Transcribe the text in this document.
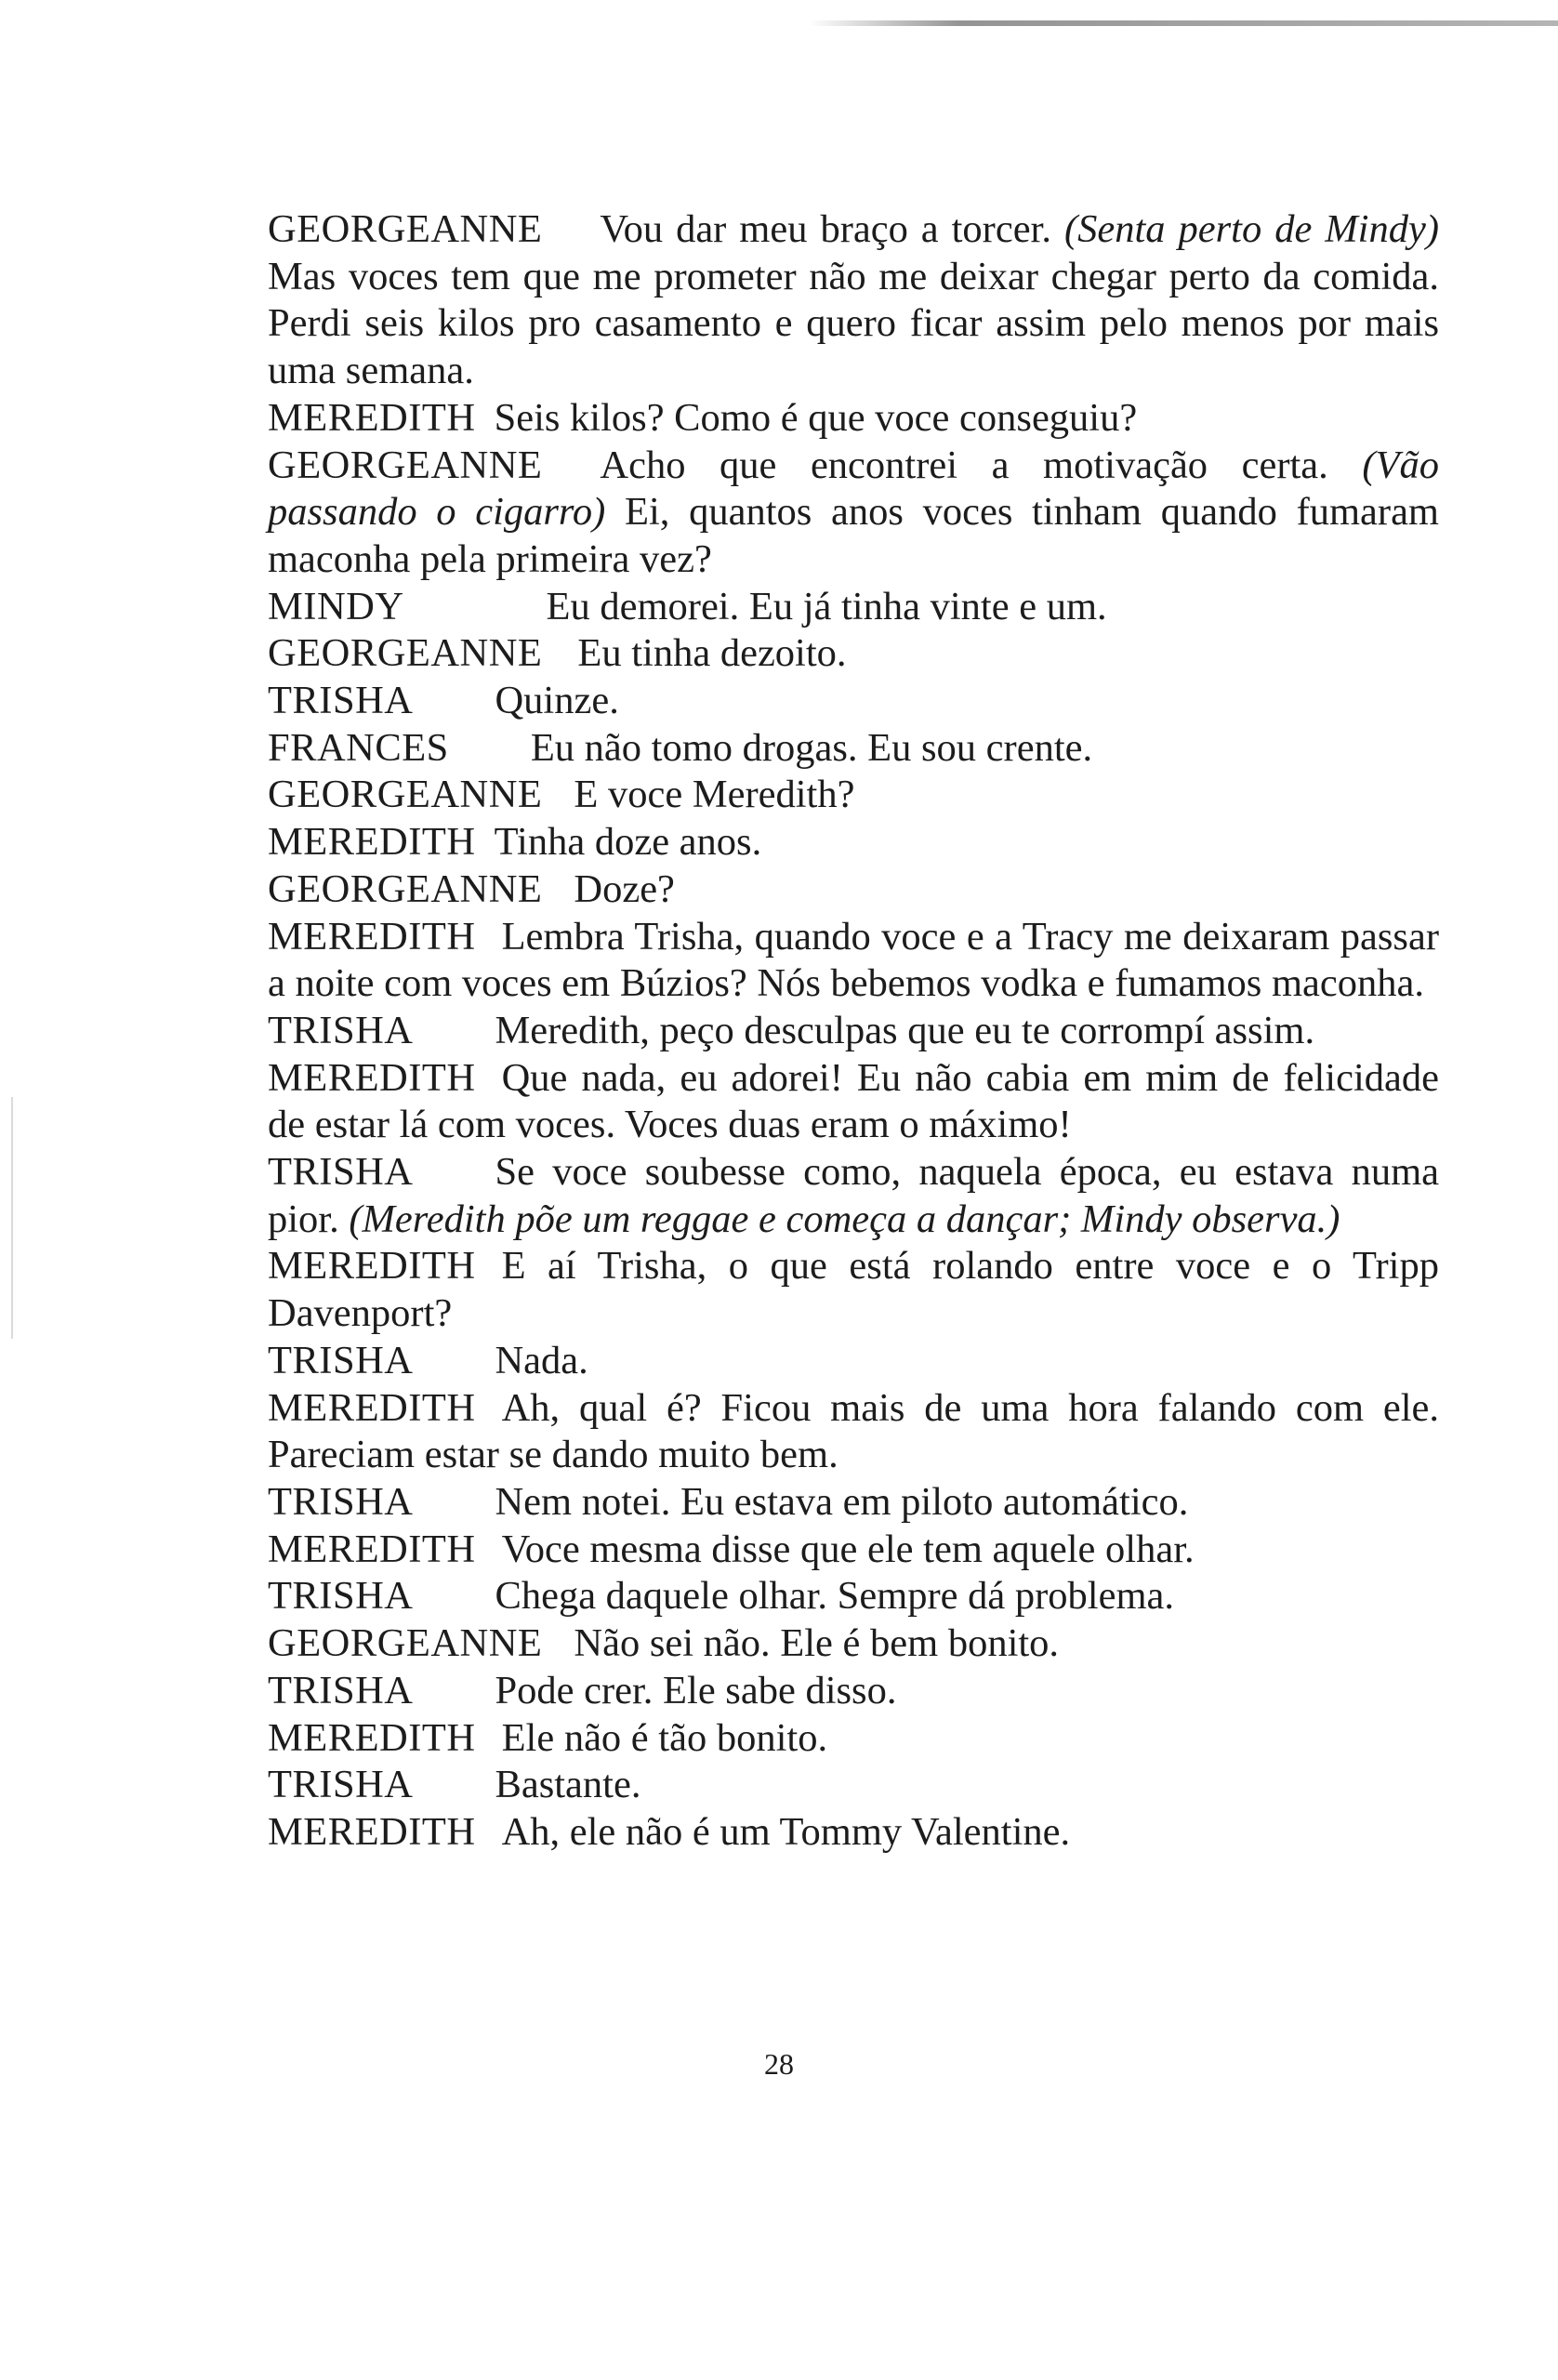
GEORGEANNE Vou dar meu braço a torcer. (Senta perto de Mindy) Mas voces tem que me prometer não me deixar chegar perto da comida. Perdi seis kilos pro casamento e quero ficar assim pelo menos por mais uma semana.

MEREDITH Seis kilos? Como é que voce conseguiu?

GEORGEANNE Acho que encontrei a motivação certa. (Vão passando o cigarro) Ei, quantos anos voces tinham quando fumaram maconha pela primeira vez?

MINDY	Eu demorei. Eu já tinha vinte e um.

GEORGEANNE Eu tinha dezoito.

TRISHA Quinze.

FRANCES Eu não tomo drogas. Eu sou crente.

GEORGEANNE E voce Meredith?

MEREDITH Tinha doze anos.

GEORGEANNE Doze?

MEREDITH Lembra Trisha, quando voce e a Tracy me deixaram passar a noite com voces em Búzios? Nós bebemos vodka e fumamos maconha.

TRISHA Meredith, peço desculpas que eu te corrompí assim.

MEREDITH Que nada, eu adorei! Eu não cabia em mim de felicidade de estar lá com voces. Voces duas eram o máximo!

TRISHA Se voce soubesse como, naquela época, eu estava numa pior. (Meredith põe um reggae e começa a dançar; Mindy observa.)

MEREDITH E aí Trisha, o que está rolando entre voce e o Tripp Davenport?

TRISHA Nada.

MEREDITH Ah, qual é? Ficou mais de uma hora falando com ele. Pareciam estar se dando muito bem.

TRISHA Nem notei. Eu estava em piloto automático.

MEREDITH Voce mesma disse que ele tem aquele olhar.

TRISHA Chega daquele olhar. Sempre dá problema.

GEORGEANNE Não sei não. Ele é bem bonito.

TRISHA Pode crer. Ele sabe disso.

MEREDITH Ele não é tão bonito.

TRISHA Bastante.

MEREDITH Ah, ele não é um Tommy Valentine.

28
